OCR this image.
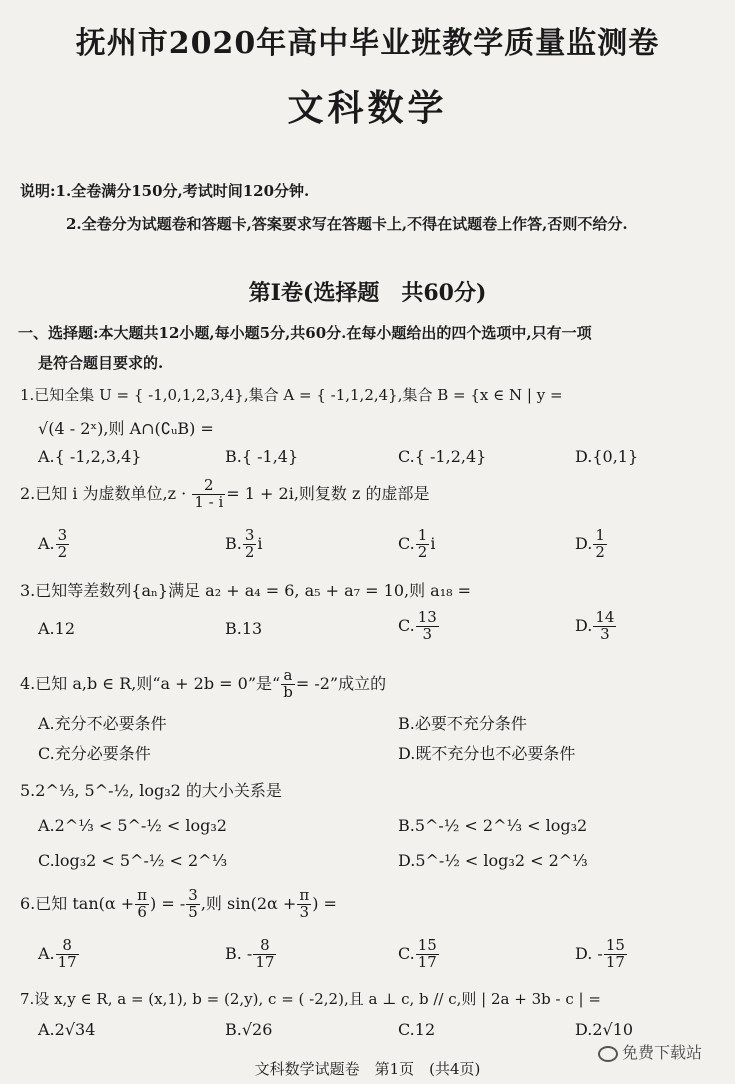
抚州市2020年高中毕业班教学质量监测卷
文科数学
说明:1.全卷满分150分,考试时间120分钟.
2.全卷分为试题卷和答题卡,答案要求写在答题卡上,不得在试题卷上作答,否则不给分.
第Ⅰ卷(选择题　共60分)
一、选择题:本大题共12小题,每小题5分,共60分.在每小题给出的四个选项中,只有一项
是符合题目要求的.
1.已知全集 U = { -1,0,1,2,3,4},集合 A = { -1,1,2,4},集合 B = {x ∈ N | y =
√(4 - 2ˣ),则 A∩(∁ᵤB) =
A.{ -1,2,3,4}	B.{ -1,4}	C.{ -1,2,4}	D.{0,1}
2.已知 i 为虚数单位$,z \cdot \frac{2}{1 - i} = 1 + 2i$,则复数 z 的虚部是
A. $\frac{3}{2}$	B. $\frac{3}{2}$ i	C. $\frac{1}{2}$ i	D. $\frac{1}{2}$
3.已知等差数列{aₙ}满足 a₂ + a₄ = 6, a₅ + a₇ = 10,则 a₁₈ =
A.12	B.13	C. $\frac{13}{3}$	D. $\frac{14}{3}$
4.已知 a,b ∈ R,则“a + 2b = 0”是“ $\frac{a}{b} = -2$”成立的
A.充分不必要条件	B.必要不充分条件
C.充分必要条件	D.既不充分也不必要条件
5.2^⅓, 5^-½, log₃2 的大小关系是
A.2^⅓ < 5^-½ < log₃2	B.5^-½ < 2^⅓ < log₃2
C.log₃2 < 5^-½ < 2^⅓	D.5^-½ < log₃2 < 2^⅓
6.已知 $\tan(\alpha + \frac{\pi}{6}$ ) = - $\frac{3}{5}$ ,则 $\sin(2\alpha + \frac{\pi}{3}$ ) =
A. $\frac{8}{17}$	B. - $\frac{8}{17}$	C. $\frac{15}{17}$	D. - $\frac{15}{17}$
7.设 x,y ∈ R, a = (x,1), b = (2,y), c = ( -2,2),且 a ⊥ c, b // c,则 | 2a + 3b - c | =
A.2√34	B.√26	C.12	D.2√10
文科数学试题卷　第1页　(共4页)
免费下载站
